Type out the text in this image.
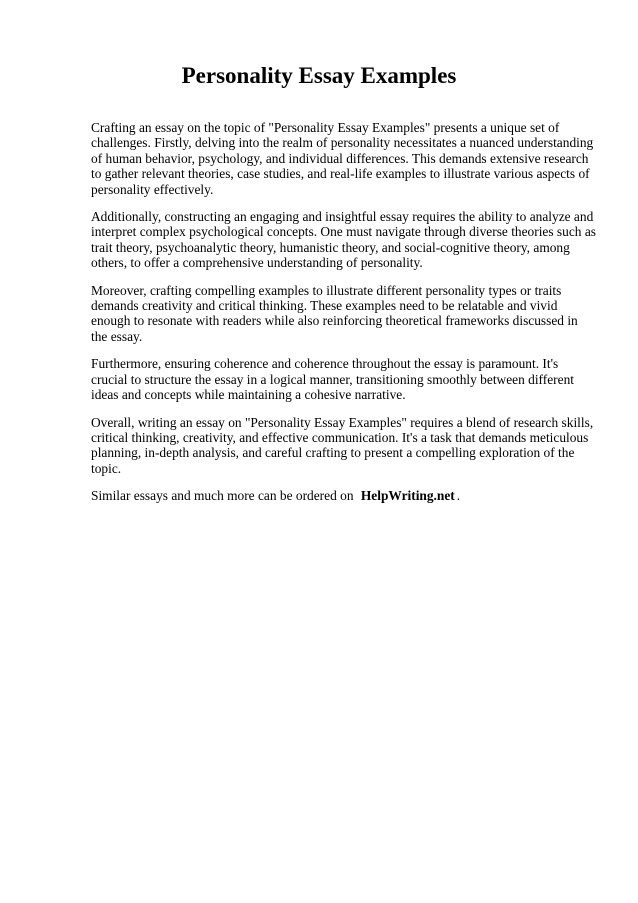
Personality Essay Examples

Crafting an essay on the topic of "Personality Essay Examples" presents a unique set of challenges. Firstly, delving into the realm of personality necessitates a nuanced understanding of human behavior, psychology, and individual differences. This demands extensive research to gather relevant theories, case studies, and real-life examples to illustrate various aspects of personality effectively.

Additionally, constructing an engaging and insightful essay requires the ability to analyze and interpret complex psychological concepts. One must navigate through diverse theories such as trait theory, psychoanalytic theory, humanistic theory, and social-cognitive theory, among others, to offer a comprehensive understanding of personality.

Moreover, crafting compelling examples to illustrate different personality types or traits demands creativity and critical thinking. These examples need to be relatable and vivid enough to resonate with readers while also reinforcing theoretical frameworks discussed in the essay.

Furthermore, ensuring coherence and coherence throughout the essay is paramount. It's crucial to structure the essay in a logical manner, transitioning smoothly between different ideas and concepts while maintaining a cohesive narrative.

Overall, writing an essay on "Personality Essay Examples" requires a blend of research skills, critical thinking, creativity, and effective communication. It's a task that demands meticulous planning, in-depth analysis, and careful crafting to present a compelling exploration of the topic.

Similar essays and much more can be ordered on HelpWriting.net .
